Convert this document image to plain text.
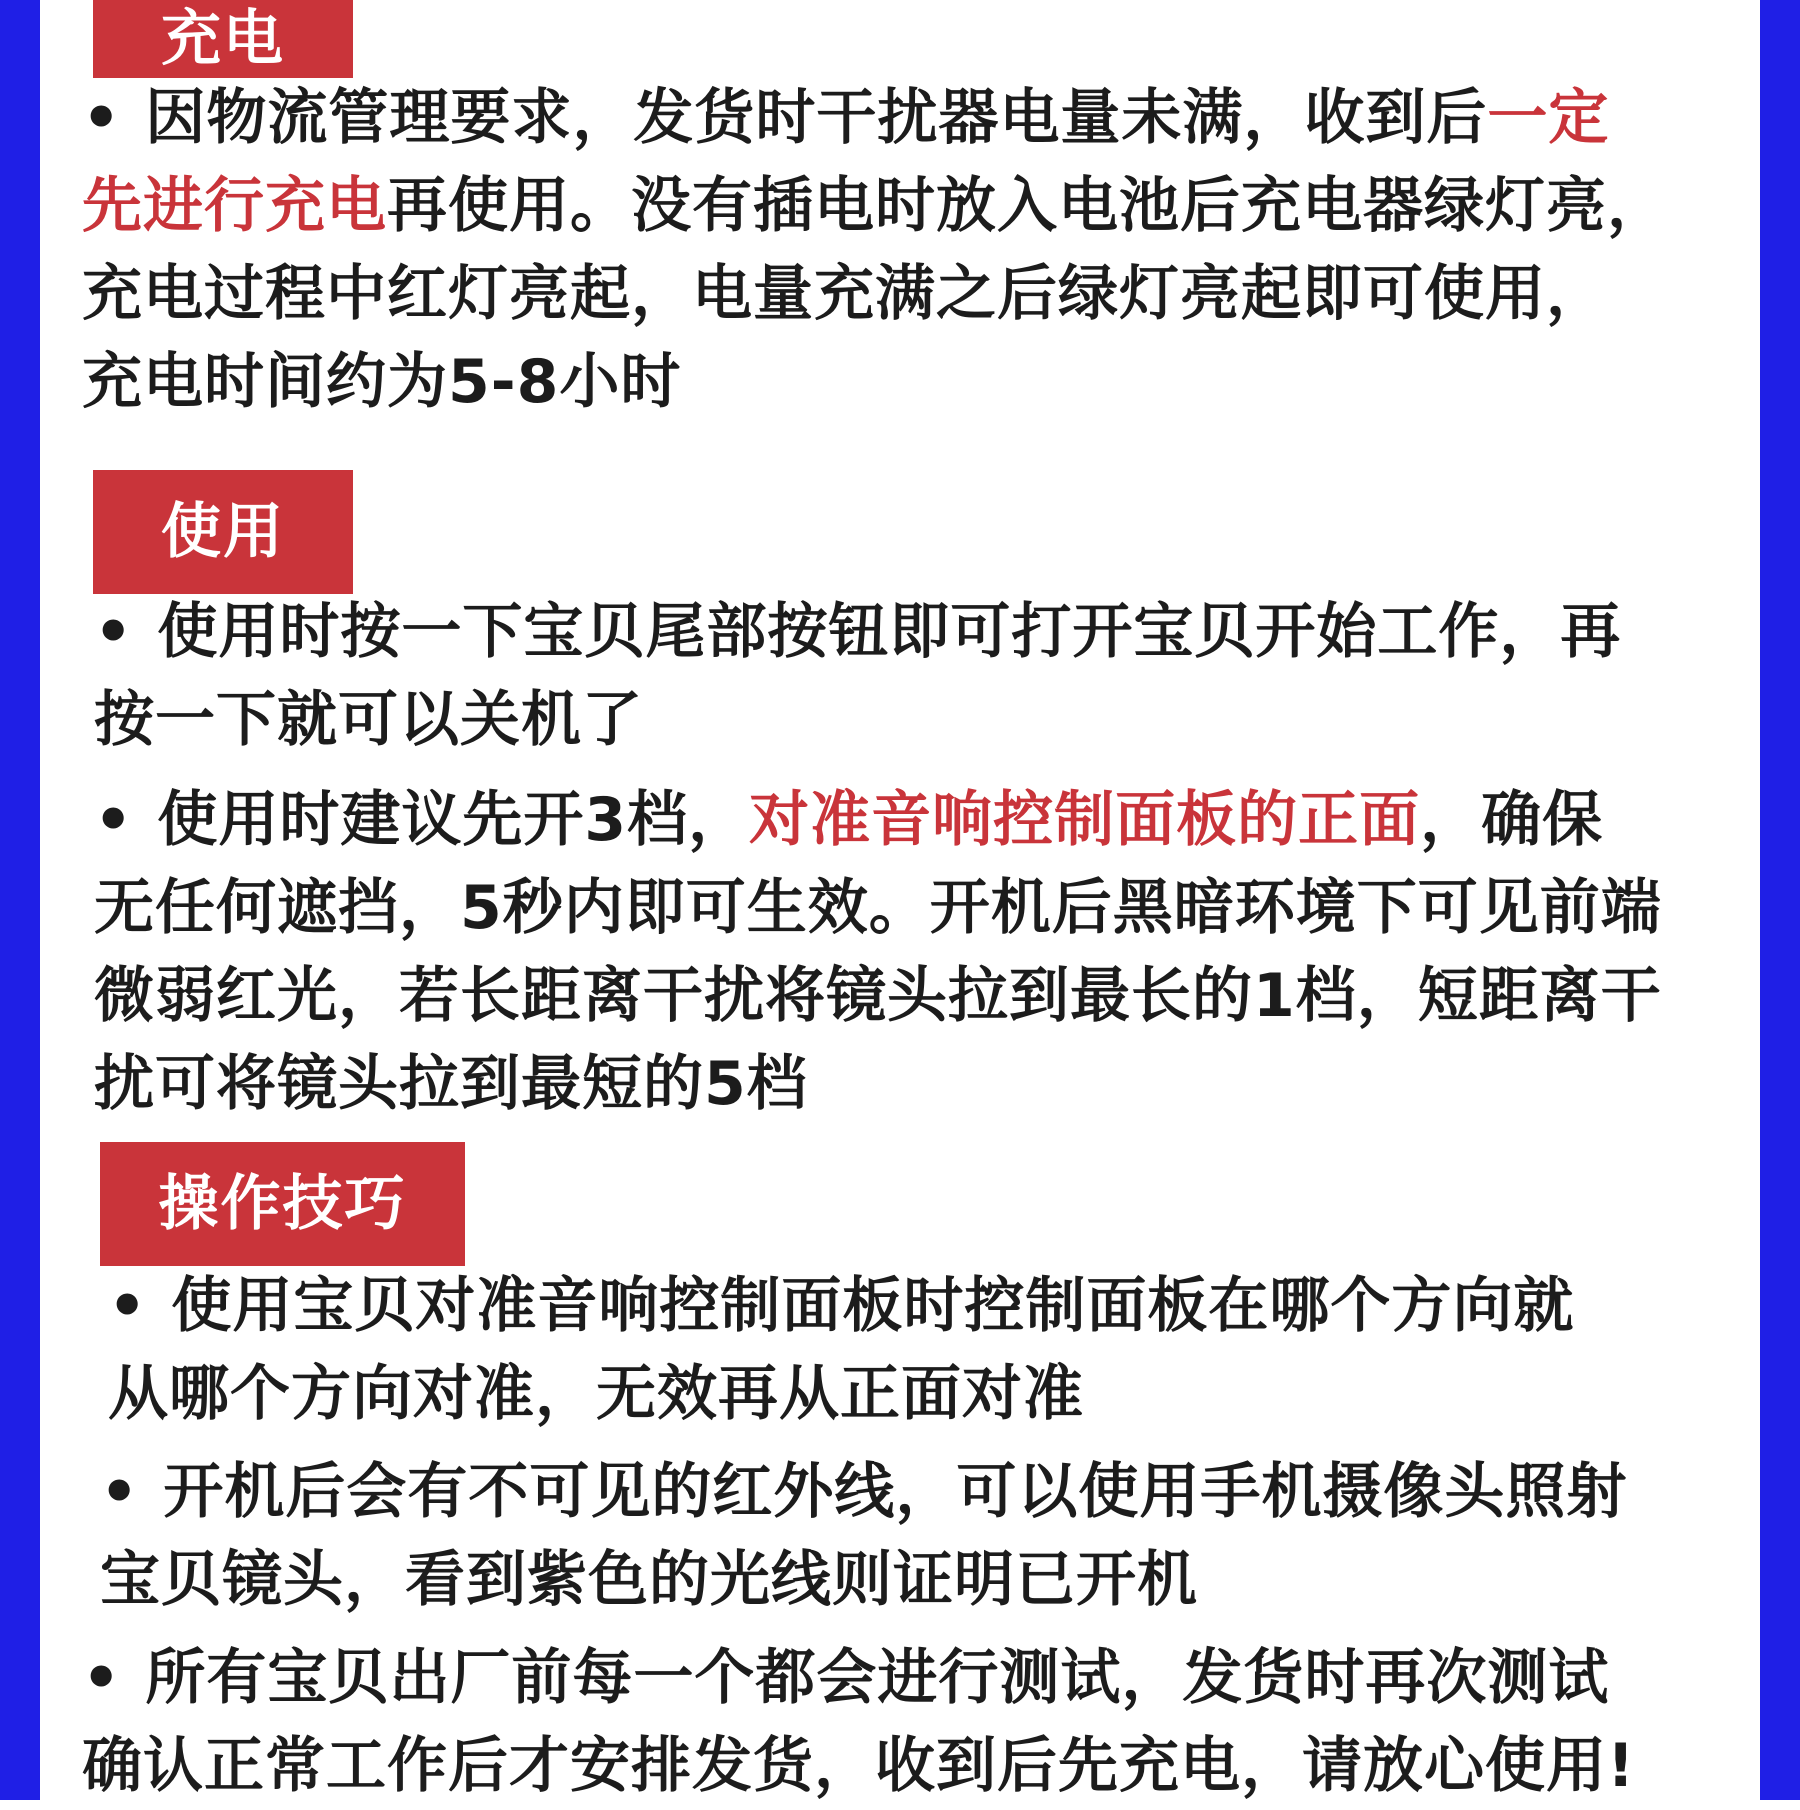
充电
• 因物流管理要求，发货时干扰器电量未满，收到后一定
先进行充电再使用。没有插电时放入电池后充电器绿灯亮，
充电过程中红灯亮起，电量充满之后绿灯亮起即可使用，
充电时间约为5-8小时
使用
• 使用时按一下宝贝尾部按钮即可打开宝贝开始工作，再
按一下就可以关机了
• 使用时建议先开3档，对准音响控制面板的正面，确保
无任何遮挡，5秒内即可生效。开机后黑暗环境下可见前端
微弱红光，若长距离干扰将镜头拉到最长的1档，短距离干
扰可将镜头拉到最短的5档
操作技巧
• 使用宝贝对准音响控制面板时控制面板在哪个方向就
从哪个方向对准，无效再从正面对准
• 开机后会有不可见的红外线，可以使用手机摄像头照射
宝贝镜头，看到紫色的光线则证明已开机
• 所有宝贝出厂前每一个都会进行测试，发货时再次测试
确认正常工作后才安排发货，收到后先充电，请放心使用!
